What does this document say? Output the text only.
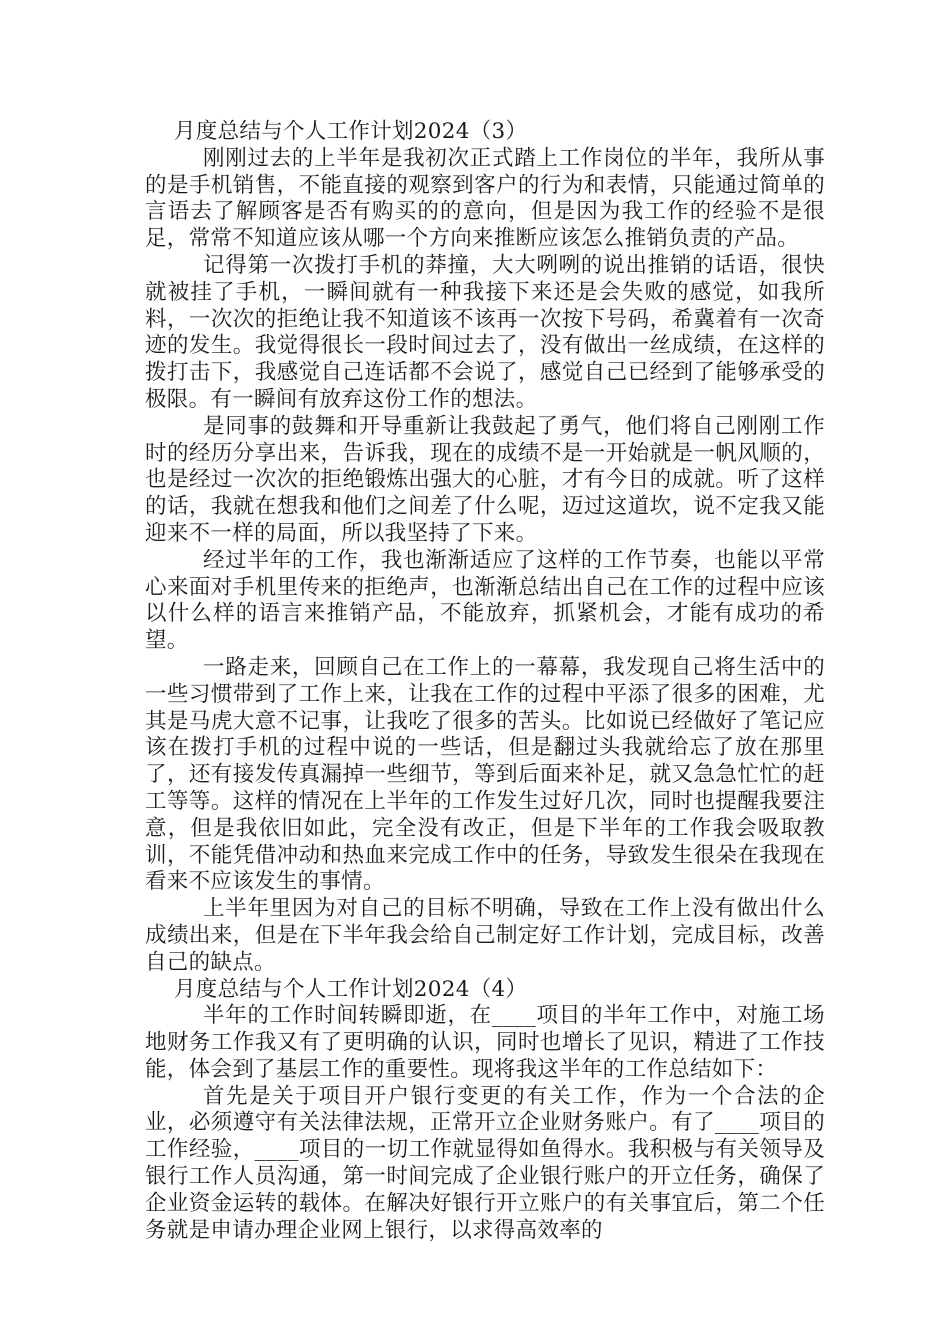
月度总结与个人工作计划2024（3）

刚刚过去的上半年是我初次正式踏上工作岗位的半年，我所从事的是手机销售，不能直接的观察到客户的行为和表情，只能通过简单的言语去了解顾客是否有购买的的意向，但是因为我工作的经验不是很足，常常不知道应该从哪一个方向来推断应该怎么推销负责的产品。

记得第一次拨打手机的莽撞，大大咧咧的说出推销的话语，很快就被挂了手机，一瞬间就有一种我接下来还是会失败的感觉，如我所料，一次次的拒绝让我不知道该不该再一次按下号码，希冀着有一次奇迹的发生。我觉得很长一段时间过去了，没有做出一丝成绩，在这样的拨打击下，我感觉自己连话都不会说了，感觉自己已经到了能够承受的极限。有一瞬间有放弃这份工作的想法。

是同事的鼓舞和开导重新让我鼓起了勇气，他们将自己刚刚工作时的经历分享出来，告诉我，现在的成绩不是一开始就是一帆风顺的，也是经过一次次的拒绝锻炼出强大的心脏，才有今日的成就。听了这样的话，我就在想我和他们之间差了什么呢，迈过这道坎，说不定我又能迎来不一样的局面，所以我坚持了下来。

经过半年的工作，我也渐渐适应了这样的工作节奏，也能以平常心来面对手机里传来的拒绝声，也渐渐总结出自己在工作的过程中应该以什么样的语言来推销产品，不能放弃，抓紧机会，才能有成功的希望。

一路走来，回顾自己在工作上的一幕幕，我发现自己将生活中的一些习惯带到了工作上来，让我在工作的过程中平添了很多的困难，尤其是马虎大意不记事，让我吃了很多的苦头。比如说已经做好了笔记应该在拨打手机的过程中说的一些话，但是翻过头我就给忘了放在那里了，还有接发传真漏掉一些细节，等到后面来补足，就又急急忙忙的赶工等等。这样的情况在上半年的工作发生过好几次，同时也提醒我要注意，但是我依旧如此，完全没有改正，但是下半年的工作我会吸取教训，不能凭借冲动和热血来完成工作中的任务，导致发生很朵在我现在看来不应该发生的事情。

上半年里因为对自己的目标不明确，导致在工作上没有做出什么成绩出来，但是在下半年我会给自己制定好工作计划，完成目标，改善自己的缺点。

月度总结与个人工作计划2024（4）

半年的工作时间转瞬即逝，在____项目的半年工作中，对施工场地财务工作我又有了更明确的认识，同时也增长了见识，精进了工作技能，体会到了基层工作的重要性。现将我这半年的工作总结如下：

首先是关于项目开户银行变更的有关工作，作为一个合法的企业，必须遵守有关法律法规，正常开立企业财务账户。有了____项目的工作经验，____项目的一切工作就显得如鱼得水。我积极与有关领导及银行工作人员沟通，第一时间完成了企业银行账户的开立任务，确保了企业资金运转的载体。在解决好银行开立账户的有关事宜后，第二个任务就是申请办理企业网上银行，以求得高效率的
